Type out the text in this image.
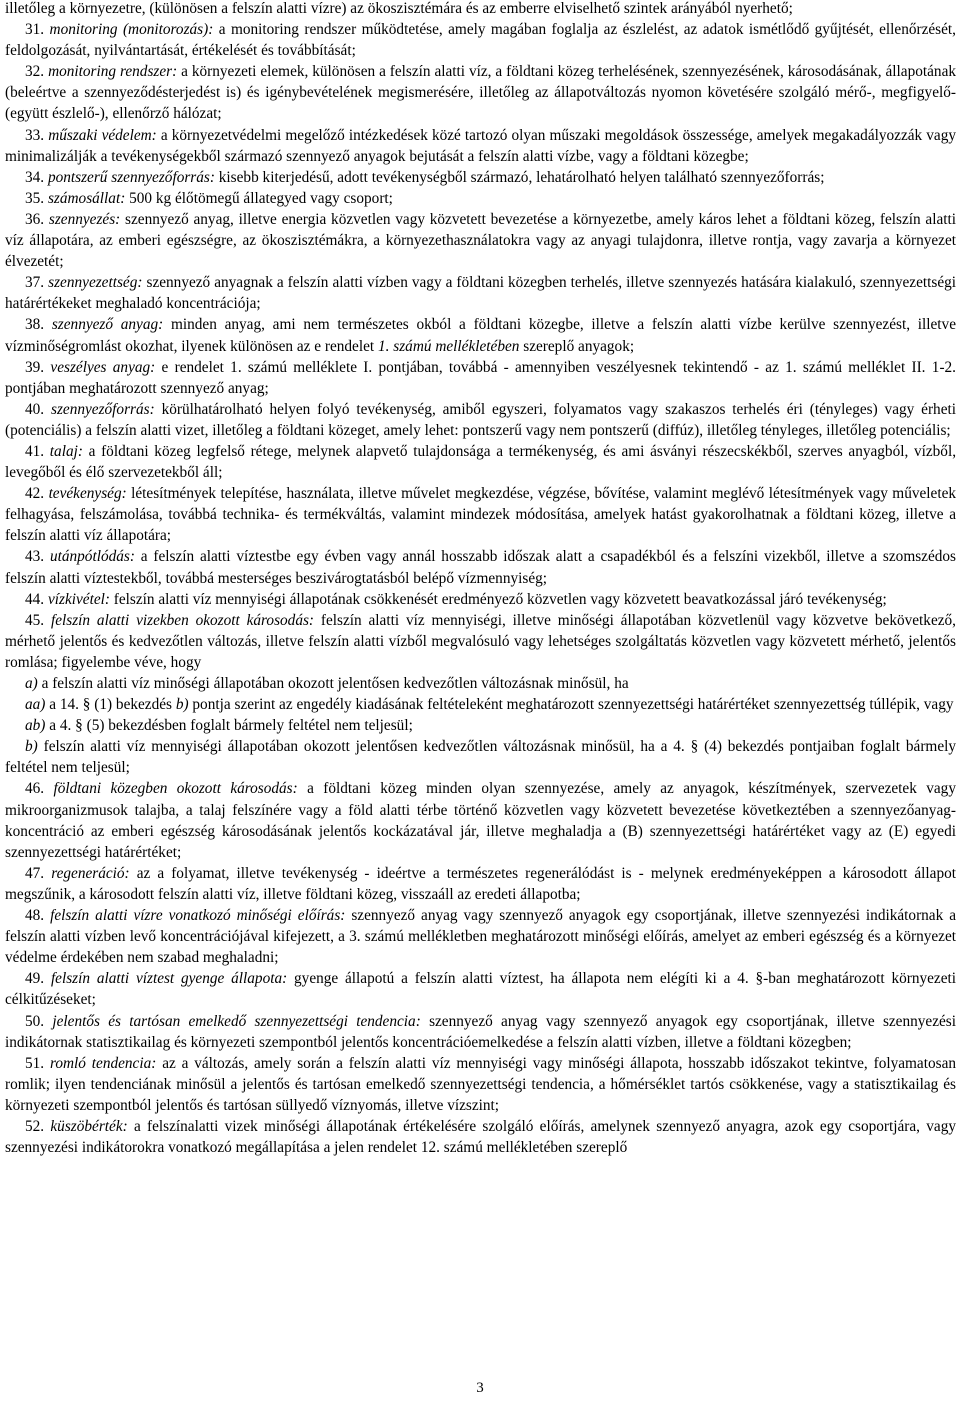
illetőleg a környezetre, (különösen a felszín alatti vízre) az ökoszisztémára és az emberre elviselhető szintek arányából nyerhető;

31. monitoring (monitorozás): a monitoring rendszer működtetése, amely magában foglalja az észlelést, az adatok ismétlődő gyűjtését, ellenőrzését, feldolgozását, nyilvántartását, értékelését és továbbítását;

32. monitoring rendszer: a környezeti elemek, különösen a felszín alatti víz, a földtani közeg terhelésének, szennyezésének, károsodásának, állapotának (beleértve a szennyeződésterjedést is) és igénybevételének megismerésére, illetőleg az állapotváltozás nyomon követésére szolgáló mérő-, megfigyelő- (együtt észlelő-), ellenőrző hálózat;

33. műszaki védelem: a környezetvédelmi megelőző intézkedések közé tartozó olyan műszaki megoldások összessége, amelyek megakadályozzák vagy minimalizálják a tevékenységekből származó szennyező anyagok bejutását a felszín alatti vízbe, vagy a földtani közegbe;

34. pontszerű szennyezőforrás: kisebb kiterjedésű, adott tevékenységből származó, lehatárolható helyen található szennyezőforrás;

35. számosállat: 500 kg élőtömegű állategyed vagy csoport;

36. szennyezés: szennyező anyag, illetve energia közvetlen vagy közvetett bevezetése a környezetbe, amely káros lehet a földtani közeg, felszín alatti víz állapotára, az emberi egészségre, az ökoszisztémákra, a környezethasználatokra vagy az anyagi tulajdonra, illetve rontja, vagy zavarja a környezet élvezetét;

37. szennyezettség: szennyező anyagnak a felszín alatti vízben vagy a földtani közegben terhelés, illetve szennyezés hatására kialakuló, szennyezettségi határértékeket meghaladó koncentrációja;

38. szennyező anyag: minden anyag, ami nem természetes okból a földtani közegbe, illetve a felszín alatti vízbe kerülve szennyezést, illetve vízminőségromlást okozhat, ilyenek különösen az e rendelet 1. számú mellékletében szereplő anyagok;

39. veszélyes anyag: e rendelet 1. számú melléklete I. pontjában, továbbá - amennyiben veszélyesnek tekintendő - az 1. számú melléklet II. 1-2. pontjában meghatározott szennyező anyag;

40. szennyezőforrás: körülhatárolható helyen folyó tevékenység, amiből egyszeri, folyamatos vagy szakaszos terhelés éri (tényleges) vagy érheti (potenciális) a felszín alatti vizet, illetőleg a földtani közeget, amely lehet: pontszerű vagy nem pontszerű (diffúz), illetőleg tényleges, illetőleg potenciális;

41. talaj: a földtani közeg legfelső rétege, melynek alapvető tulajdonsága a termékenység, és ami ásványi részecskékből, szerves anyagból, vízből, levegőből és élő szervezetekből áll;

42. tevékenység: létesítmények telepítése, használata, illetve művelet megkezdése, végzése, bővítése, valamint meglévő létesítmények vagy műveletek felhagyása, felszámolása, továbbá technika- és termékváltás, valamint mindezek módosítása, amelyek hatást gyakorolhatnak a földtani közeg, illetve a felszín alatti víz állapotára;

43. utánpótlódás: a felszín alatti víztestbe egy évben vagy annál hosszabb időszak alatt a csapadékból és a felszíni vizekből, illetve a szomszédos felszín alatti víztestekből, továbbá mesterséges beszivárogtatásból belépő vízmennyiség;

44. vízkivétel: felszín alatti víz mennyiségi állapotának csökkenését eredményező közvetlen vagy közvetett beavatkozással járó tevékenység;

45. felszín alatti vizekben okozott károsodás: felszín alatti víz mennyiségi, illetve minőségi állapotában közvetlenül vagy közvetve bekövetkező, mérhető jelentős és kedvezőtlen változás, illetve felszín alatti vízből megvalósuló vagy lehetséges szolgáltatás közvetlen vagy közvetett mérhető, jelentős romlása; figyelembe véve, hogy

a) a felszín alatti víz minőségi állapotában okozott jelentősen kedvezőtlen változásnak minősül, ha

aa) a 14. § (1) bekezdés b) pontja szerint az engedély kiadásának feltételeként meghatározott szennyezettségi határértéket szennyezettség túllépik, vagy

ab) a 4. § (5) bekezdésben foglalt bármely feltétel nem teljesül;

b) felszín alatti víz mennyiségi állapotában okozott jelentősen kedvezőtlen változásnak minősül, ha a 4. § (4) bekezdés pontjaiban foglalt bármely feltétel nem teljesül;

46. földtani közegben okozott károsodás: a földtani közeg minden olyan szennyezése, amely az anyagok, készítmények, szervezetek vagy mikroorganizmusok talajba, a talaj felszínére vagy a föld alatti térbe történő közvetlen vagy közvetett bevezetése következtében a szennyezőanyag-koncentráció az emberi egészség károsodásának jelentős kockázatával jár, illetve meghaladja a (B) szennyezettségi határértéket vagy az (E) egyedi szennyezettségi határértéket;

47. regeneráció: az a folyamat, illetve tevékenység - ideértve a természetes regenerálódást is - melynek eredményeképpen a károsodott állapot megszűnik, a károsodott felszín alatti víz, illetve földtani közeg, visszaáll az eredeti állapotba;

48. felszín alatti vízre vonatkozó minőségi előírás: szennyező anyag vagy szennyező anyagok egy csoportjának, illetve szennyezési indikátornak a felszín alatti vízben levő koncentrációjával kifejezett, a 3. számú mellékletben meghatározott minőségi előírás, amelyet az emberi egészség és a környezet védelme érdekében nem szabad meghaladni;

49. felszín alatti víztest gyenge állapota: gyenge állapotú a felszín alatti víztest, ha állapota nem elégíti ki a 4. §-ban meghatározott környezeti célkitűzéseket;

50. jelentős és tartósan emelkedő szennyezettségi tendencia: szennyező anyag vagy szennyező anyagok egy csoportjának, illetve szennyezési indikátornak statisztikailag és környezeti szempontból jelentős koncentrációemelkedése a felszín alatti vízben, illetve a földtani közegben;

51. romló tendencia: az a változás, amely során a felszín alatti víz mennyiségi vagy minőségi állapota, hosszabb időszakot tekintve, folyamatosan romlik; ilyen tendenciának minősül a jelentős és tartósan emelkedő szennyezettségi tendencia, a hőmérséklet tartós csökkenése, vagy a statisztikailag és környezeti szempontból jelentős és tartósan süllyedő víznyomás, illetve vízszint;

52. küszöbérték: a felszínalatti vizek minőségi állapotának értékelésére szolgáló előírás, amelynek szennyező anyagra, azok egy csoportjára, vagy szennyezési indikátorokra vonatkozó megállapítása a jelen rendelet 12. számú mellékletében szereplő

3
